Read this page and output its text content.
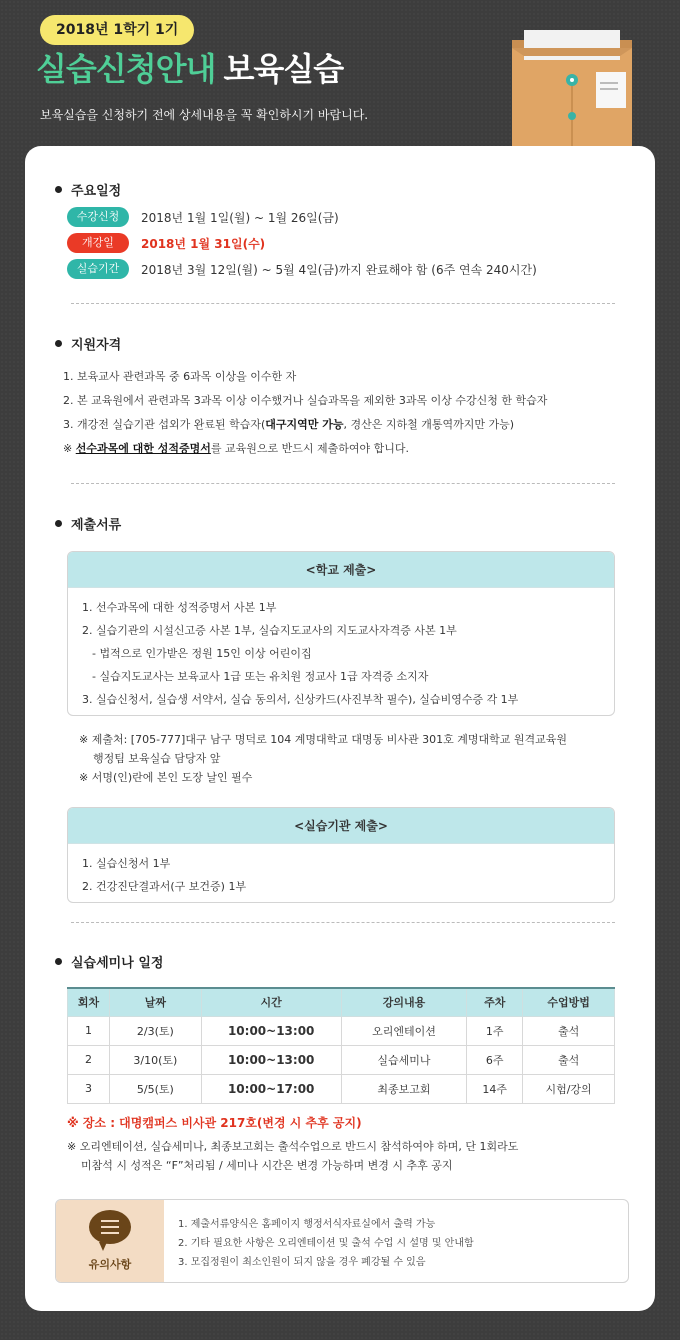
2018년 1학기 1기
실습신청안내 보육실습
보육실습을 신청하기 전에 상세내용을 꼭 확인하시기 바랍니다.
주요일정
수강신청	2018년 1월 1일(월) ~ 1월 26일(금)
개강일	2018년 1월 31일(수)
실습기간	2018년 3월 12일(월) ~ 5월 4일(금)까지 완료해야 함 (6주 연속 240시간)
지원자격
1. 보육교사 관련과목 중 6과목 이상을 이수한 자
2. 본 교육원에서 관련과목 3과목 이상 이수했거나 실습과목을 제외한 3과목 이상 수강신청 한 학습자
3. 개강전 실습기관 섭외가 완료된 학습자(대구지역만 가능, 경산은 지하철 개통역까지만 가능)
※ 선수과목에 대한 성적증명서를 교육원으로 반드시 제출하여야 합니다.
제출서류
<학교 제출>
1. 선수과목에 대한 성적증명서 사본 1부
2. 실습기관의 시설신고증 사본 1부, 실습지도교사의 지도교사자격증 사본 1부
- 법적으로 인가받은 정원 15인 이상 어린이집
- 실습지도교사는 보육교사 1급 또는 유치원 정교사 1급 자격증 소지자
3. 실습신청서, 실습생 서약서, 실습 동의서, 신상카드(사진부착 필수), 실습비영수증 각 1부
※ 제출처: [705-777]대구 남구 명덕로 104 계명대학교 대명동 비사관 301호 계명대학교 원격교육원
행정팀 보육실습 담당자 앞
※ 서명(인)란에 본인 도장 날인 필수
<실습기관 제출>
1. 실습신청서 1부
2. 건강진단결과서(구 보건증) 1부
실습세미나 일정
회차	날짜	시간	강의내용	주차	수업방법
1	2/3(토)	10:00~13:00	오리엔테이션	1주	출석
2	3/10(토)	10:00~13:00	실습세미나	6주	출석
3	5/5(토)	10:00~17:00	최종보고회	14주	시험/강의
※ 장소 : 대명캠퍼스 비사관 217호(변경 시 추후 공지)
※ 오리엔테이션, 실습세미나, 최종보고회는 출석수업으로 반드시 참석하여야 하며, 단 1회라도
미참석 시 성적은 “F”처리됨 / 세미나 시간은 변경 가능하며 변경 시 추후 공지
유의사항
1. 제출서류양식은 홈페이지 행정서식자료실에서 출력 가능
2. 기타 필요한 사항은 오리엔테이션 및 출석 수업 시 설명 및 안내함
3. 모집정원이 최소인원이 되지 않을 경우 폐강될 수 있음
